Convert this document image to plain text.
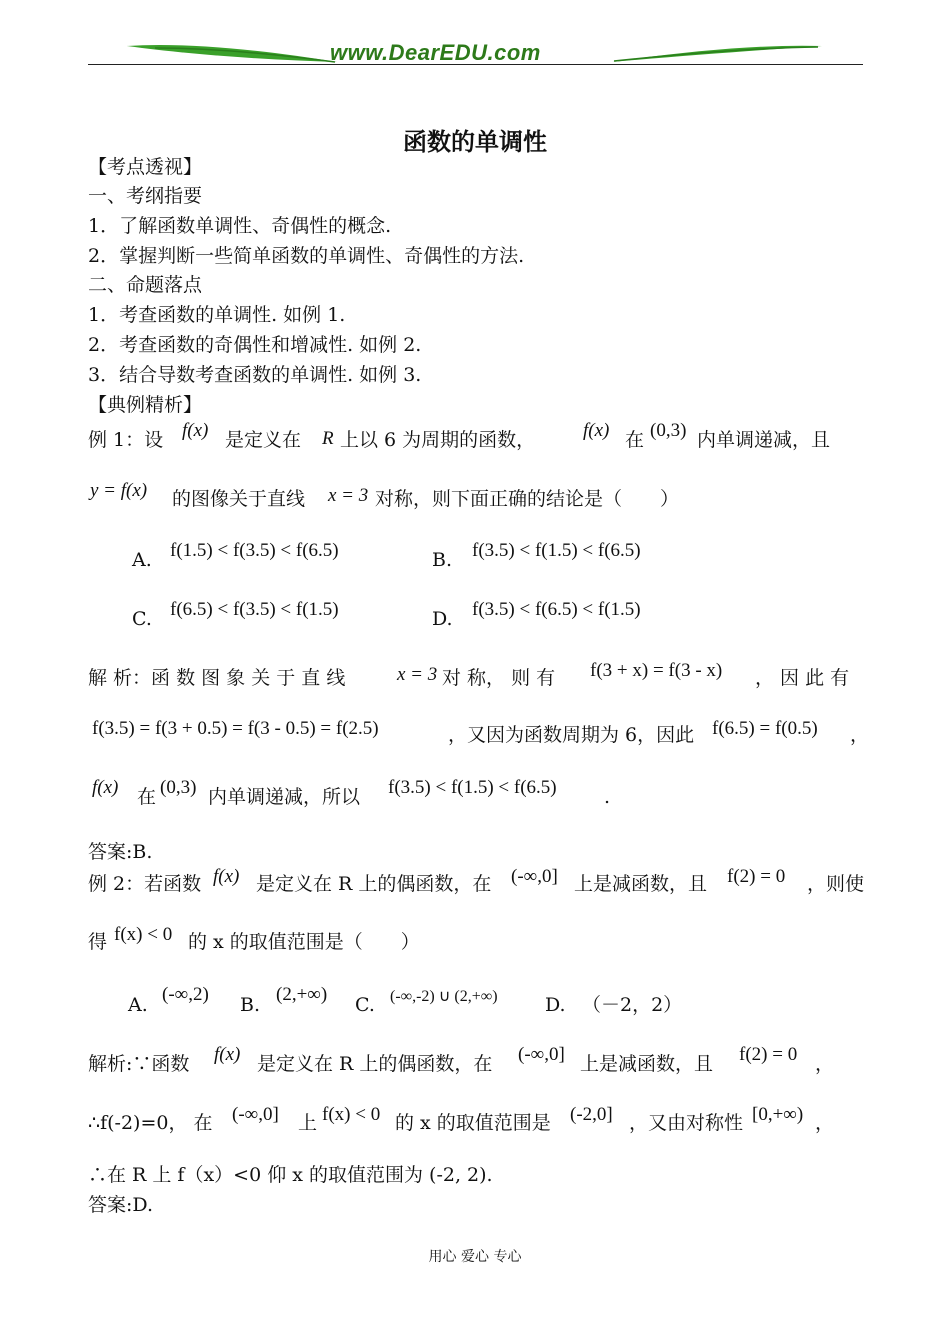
www.DearEDU.com
函数的单调性
【考点透视】
一、考纲指要
1．了解函数单调性、奇偶性的概念.
2．掌握判断一些简单函数的单调性、奇偶性的方法.
二、命题落点
1．考查函数的单调性. 如例 1.
2．考查函数的奇偶性和增减性. 如例 2.
3．结合导数考查函数的单调性. 如例 3.
【典例精析】
例 1：设 f(x) 是定义在 R 上以 6 为周期的函数，	f(x) 在 (0,3) 内单调递减，且
y = f(x) 的图像关于直线 x = 3 对称，则下面正确的结论是（　　）
A. f(1.5) < f(3.5) < f(6.5)	B. f(3.5) < f(1.5) < f(6.5)
C. f(6.5) < f(3.5) < f(1.5)	D. f(3.5) < f(6.5) < f(1.5)
解 析：函 数 图 象 关 于 直 线	x = 3 对 称， 则 有 f(3 + x) = f(3 - x) ， 因 此 有
f(3.5) = f(3 + 0.5) = f(3 - 0.5) = f(2.5)	，又因为函数周期为 6，因此 f(6.5) = f(0.5) ，
f(x) 在 (0,3) 内单调递减，所以 f(3.5) < f(1.5) < f(6.5) .
答案:B.
例 2：若函数 f(x) 是定义在 R 上的偶函数，在 (-∞,0] 上是减函数，且 f(2) = 0 ，则使
得 f(x) < 0 的 x 的取值范围是（　　）
A. (-∞,2) B. (2,+∞) C. (-∞,-2) ∪ (2,+∞) D. （－2，2）
解析:∵函数 f(x) 是定义在 R 上的偶函数，在 (-∞,0] 上是减函数，且 f(2) = 0 ，
∴f(-2)=0， 在 (-∞,0] 上 f(x) < 0 的 x 的取值范围是 (-2,0] ，又由对称性 [0,+∞) ，
∴在 R 上 f（x）<0 仰 x 的取值范围为 (-2, 2).
答案:D.
用心 爱心 专心
